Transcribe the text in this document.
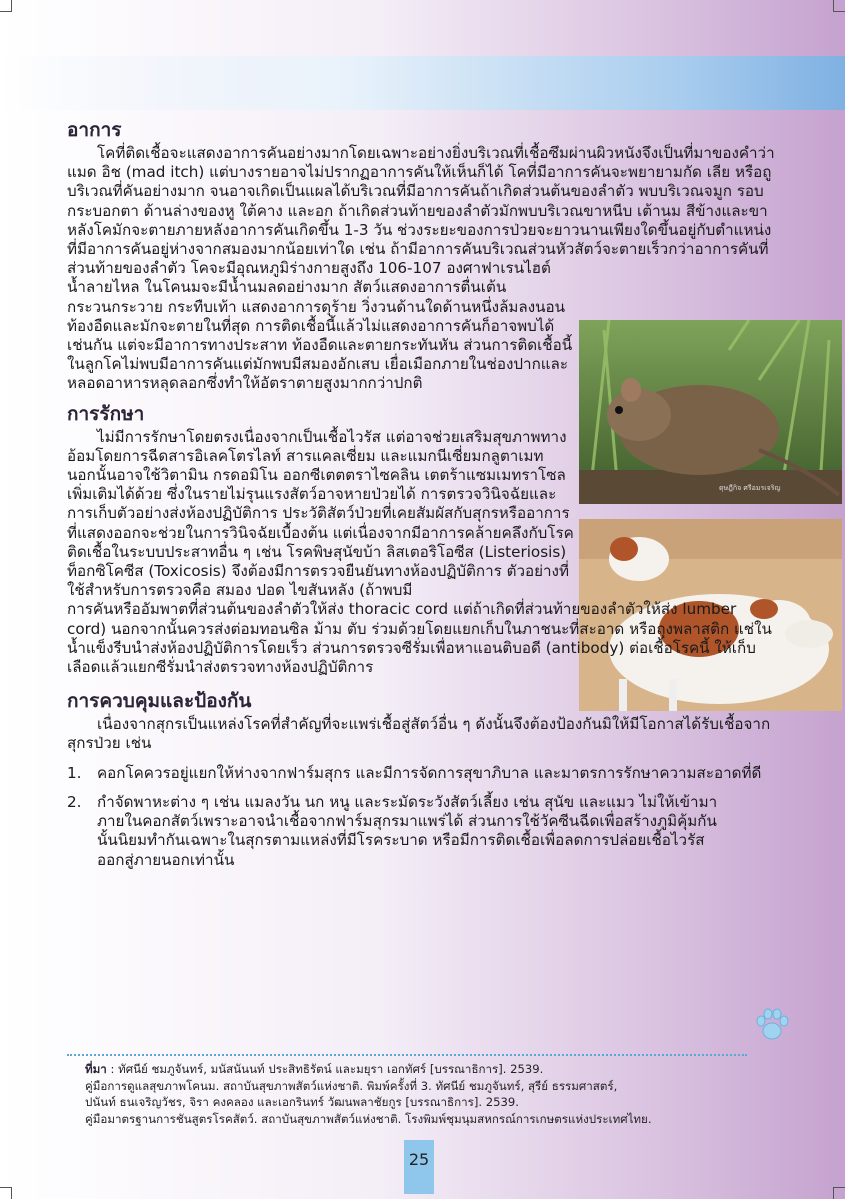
ดุษฎีกิจ ศรีอมรเจริญ
อาการ

โคที่ติดเชื้อจะแสดงอาการคันอย่างมากโดยเฉพาะอย่างยิ่งบริเวณที่เชื้อซึมผ่านผิวหนังจึงเป็นที่มาของคำว่า แมด อิช (mad itch) แต่บางรายอาจไม่ปรากฏอาการคันให้เห็นก็ได้ โคที่มีอาการคันจะพยายามกัด เลีย หรือถูบริเวณที่คันอย่างมาก จนอาจเกิดเป็นแผลได้บริเวณที่มีอาการคันถ้าเกิดส่วนต้นของลำตัว พบบริเวณจมูก รอบกระบอกตา ด้านล่างของหู ใต้คาง และอก ถ้าเกิดส่วนท้ายของลำตัวมักพบบริเวณขาหนีบ เต้านม สีข้างและขาหลังโคมักจะตายภายหลังอาการคันเกิดขึ้น 1-3 วัน ช่วงระยะของการป่วยจะยาวนานเพียงใดขึ้นอยู่กับตำแหน่งที่มีอาการคันอยู่ห่างจากสมองมากน้อยเท่าใด เช่น ถ้ามีอาการคันบริเวณส่วนหัวสัตว์จะตายเร็วกว่าอาการคันที่ส่วนท้ายของลำตัว โคจะมีอุณหภูมิร่างกายสูงถึง 106-107 องศาฟาเรนไฮต์

น้ำลายไหล ในโคนมจะมีน้ำนมลดอย่างมาก สัตว์แสดงอาการตื่นเต้นกระวนกระวาย กระทืบเท้า แสดงอาการดุร้าย วิ่งวนด้านใดด้านหนึ่งล้มลงนอน ท้องอืดและมักจะตายในที่สุด การติดเชื้อนี้แล้วไม่แสดงอาการคันก็อาจพบได้เช่นกัน แต่จะมีอาการทางประสาท ท้องอืดและตายกระทันหัน ส่วนการติดเชื้อนี้ในลูกโคไม่พบมีอาการคันแต่มักพบมีสมองอักเสบ เยื่อเมือกภายในช่องปากและหลอดอาหารหลุดลอกซึ่งทำให้อัตราตายสูงมากกว่าปกติ

การรักษา

ไม่มีการรักษาโดยตรงเนื่องจากเป็นเชื้อไวรัส แต่อาจช่วยเสริมสุขภาพทางอ้อมโดยการฉีดสารอิเลคโตรไลท์ สารแคลเซี่ยม และแมกนีเซี่ยมกลูตาเมท นอกนั้นอาจใช้วิตามิน กรดอมิโน ออกซีเตตตราไซคลิน เตตร้าแซมเมทราโซล เพิ่มเติมได้ด้วย ซึ่งในรายไม่รุนแรงสัตว์อาจหายป่วยได้ การตรวจวินิจฉัยและการเก็บตัวอย่างส่งห้องปฏิบัติการ ประวัติสัตว์ป่วยที่เคยสัมผัสกับสุกรหรืออาการที่แสดงออกจะช่วยในการวินิจฉัยเบื้องต้น แต่เนื่องจากมีอาการคล้ายคลึงกับโรคติดเชื้อในระบบประสาทอื่น ๆ เช่น โรคพิษสุนัขบ้า ลิสเตอริโอซีส (Listeriosis) ท็อกซิโคซีส (Toxicosis) จึงต้องมีการตรวจยืนยันทางห้องปฏิบัติการ ตัวอย่างที่ใช้สำหรับการตรวจคือ สมอง ปอด ไขสันหลัง (ถ้าพบมี

การคันหรืออัมพาตที่ส่วนต้นของลำตัวให้ส่ง thoracic cord แต่ถ้าเกิดที่ส่วนท้ายของลำตัวให้ส่ง lumber cord) นอกจากนั้นควรส่งต่อมทอนซิล ม้าม ตับ ร่วมด้วยโดยแยกเก็บในภาชนะที่สะอาด หรือถุงพลาสติก แช่ในน้ำแข็งรีบนำส่งห้องปฏิบัติการโดยเร็ว ส่วนการตรวจซีรั่มเพื่อหาแอนติบอดี (antibody) ต่อเชื้อโรคนี้ ให้เก็บเลือดแล้วแยกซีรั่มนำส่งตรวจทางห้องปฏิบัติการ

การควบคุมและป้องกัน

เนื่องจากสุกรเป็นแหล่งโรคที่สำคัญที่จะแพร่เชื้อสู่สัตว์อื่น ๆ ดังนั้นจึงต้องป้องกันมิให้มีโอกาสได้รับเชื้อจากสุกรป่วย เช่น

1. คอกโคควรอยู่แยกให้ห่างจากฟาร์มสุกร และมีการจัดการสุขาภิบาล และมาตรการรักษาความสะอาดที่ดี
2. กำจัดพาหะต่าง ๆ เช่น แมลงวัน นก หนู และระมัดระวังสัตว์เลี้ยง เช่น สุนัข และแมว ไม่ให้เข้ามาภายในคอกสัตว์เพราะอาจนำเชื้อจากฟาร์มสุกรมาแพร่ได้ ส่วนการใช้วัคซีนฉีดเพื่อสร้างภูมิคุ้มกันนั้นนิยมทำกันเฉพาะในสุกรตามแหล่งที่มีโรคระบาด หรือมีการติดเชื้อเพื่อลดการปล่อยเชื้อไวรัสออกสู่ภายนอกเท่านั้น
ที่มา : ทัศนีย์ ชมภูจันทร์, มนัสนันนท์ ประสิทธิรัตน์ และมยุรา เอกทัศร์ [บรรณาธิการ]. 2539.
คู่มือการดูแลสุขภาพโคนม. สถาบันสุขภาพสัตว์แห่งชาติ. พิมพ์ครั้งที่ 3. ทัศนีย์ ชมภูจันทร์, สุรีย์ ธรรมศาสตร์,
ปนันท์ ธนเจริญวัชร, จิรา คงคลอง และเอกรินทร์ วัฒนพลาชัยกูร [บรรณาธิการ]. 2539.
คู่มือมาตรฐานการชันสูตรโรคสัตว์. สถาบันสุขภาพสัตว์แห่งชาติ. โรงพิมพ์ชุมนุมสหกรณ์การเกษตรแห่งประเทศไทย.
25
